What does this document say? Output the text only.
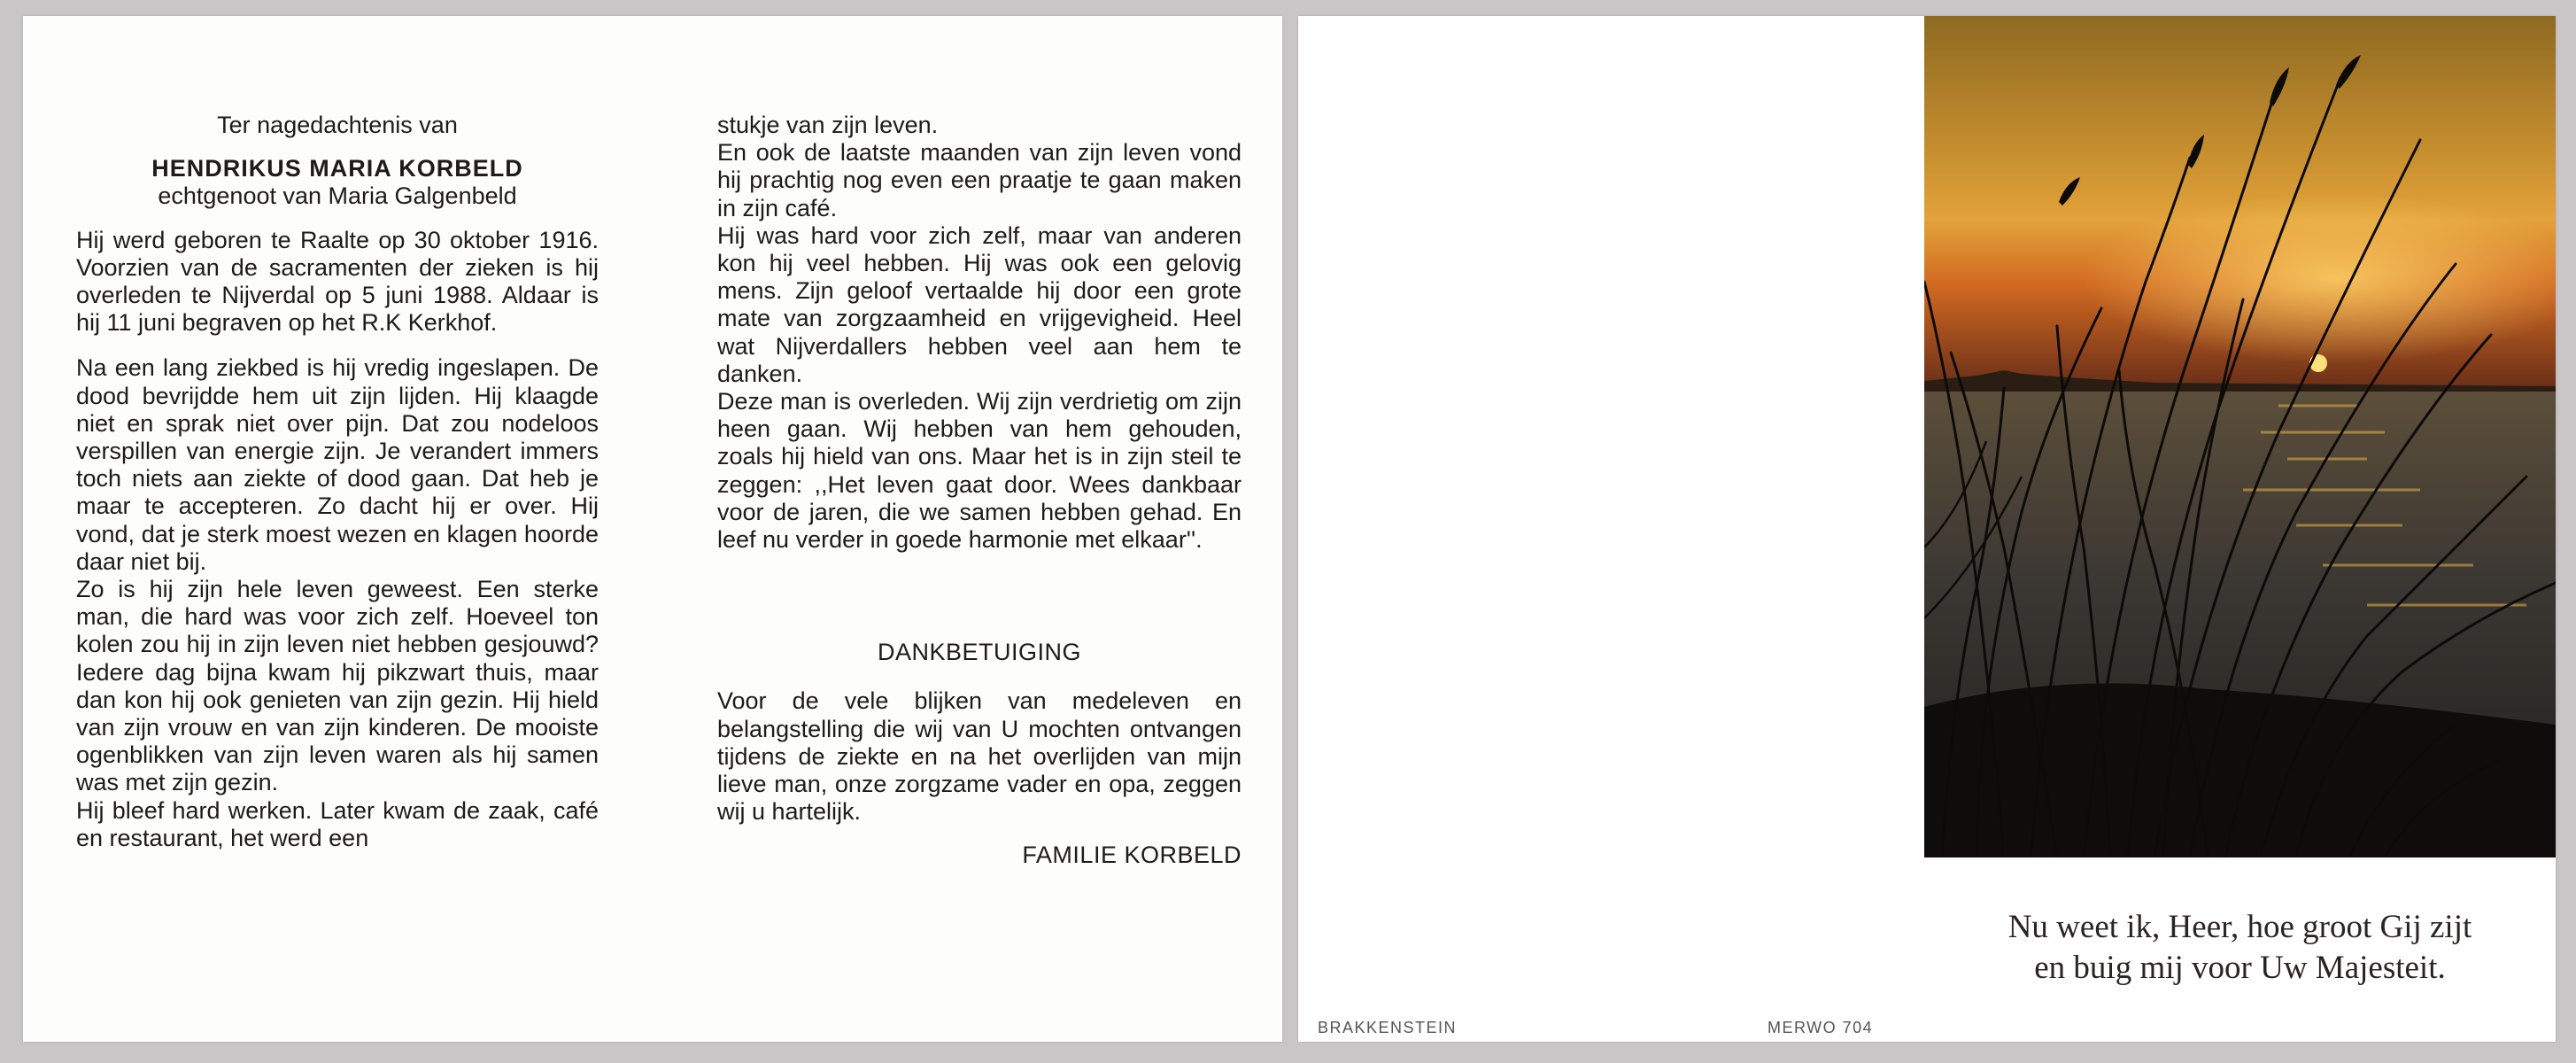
Ter nagedachtenis van

HENDRIKUS MARIA KORBELD

echtgenoot van Maria Galgenbeld

Hij werd geboren te Raalte op 30 oktober 1916. Voorzien van de sacramenten der zieken is hij overleden te Nijverdal op 5 juni 1988. Aldaar is hij 11 juni begraven op het R.K Kerkhof.

Na een lang ziekbed is hij vredig ingeslapen. De dood bevrijdde hem uit zijn lijden. Hij klaagde niet en sprak niet over pijn. Dat zou nodeloos verspillen van energie zijn. Je verandert immers toch niets aan ziekte of dood gaan. Dat heb je maar te accepteren. Zo dacht hij er over. Hij vond, dat je sterk moest wezen en klagen hoorde daar niet bij.

Zo is hij zijn hele leven geweest. Een sterke man, die hard was voor zich zelf. Hoeveel ton kolen zou hij in zijn leven niet hebben gesjouwd? Iedere dag bijna kwam hij pikzwart thuis, maar dan kon hij ook genieten van zijn gezin. Hij hield van zijn vrouw en van zijn kinderen. De mooiste ogenblikken van zijn leven waren als hij samen was met zijn gezin.

Hij bleef hard werken. Later kwam de zaak, café en restaurant, het werd een

stukje van zijn leven.

En ook de laatste maanden van zijn leven vond hij prachtig nog even een praatje te gaan maken in zijn café.

Hij was hard voor zich zelf, maar van anderen kon hij veel hebben. Hij was ook een gelovig mens. Zijn geloof vertaalde hij door een grote mate van zorgzaamheid en vrijgevigheid. Heel wat Nijverdallers hebben veel aan hem te danken.

Deze man is overleden. Wij zijn verdrietig om zijn heen gaan. Wij hebben van hem gehouden, zoals hij hield van ons. Maar het is in zijn steil te zeggen: ,,Het leven gaat door. Wees dankbaar voor de jaren, die we samen hebben gehad. En leef nu verder in goede harmonie met elkaar''.

DANKBETUIGING

Voor de vele blijken van medeleven en belangstelling die wij van U mochten ontvangen tijdens de ziekte en na het overlijden van mijn lieve man, onze zorgzame vader en opa, zeggen wij u hartelijk.

FAMILIE KORBELD

Nu weet ik, Heer, hoe groot Gij zijt
en buig mij voor Uw Majesteit.
BRAKKENSTEIN	MERWO 704
